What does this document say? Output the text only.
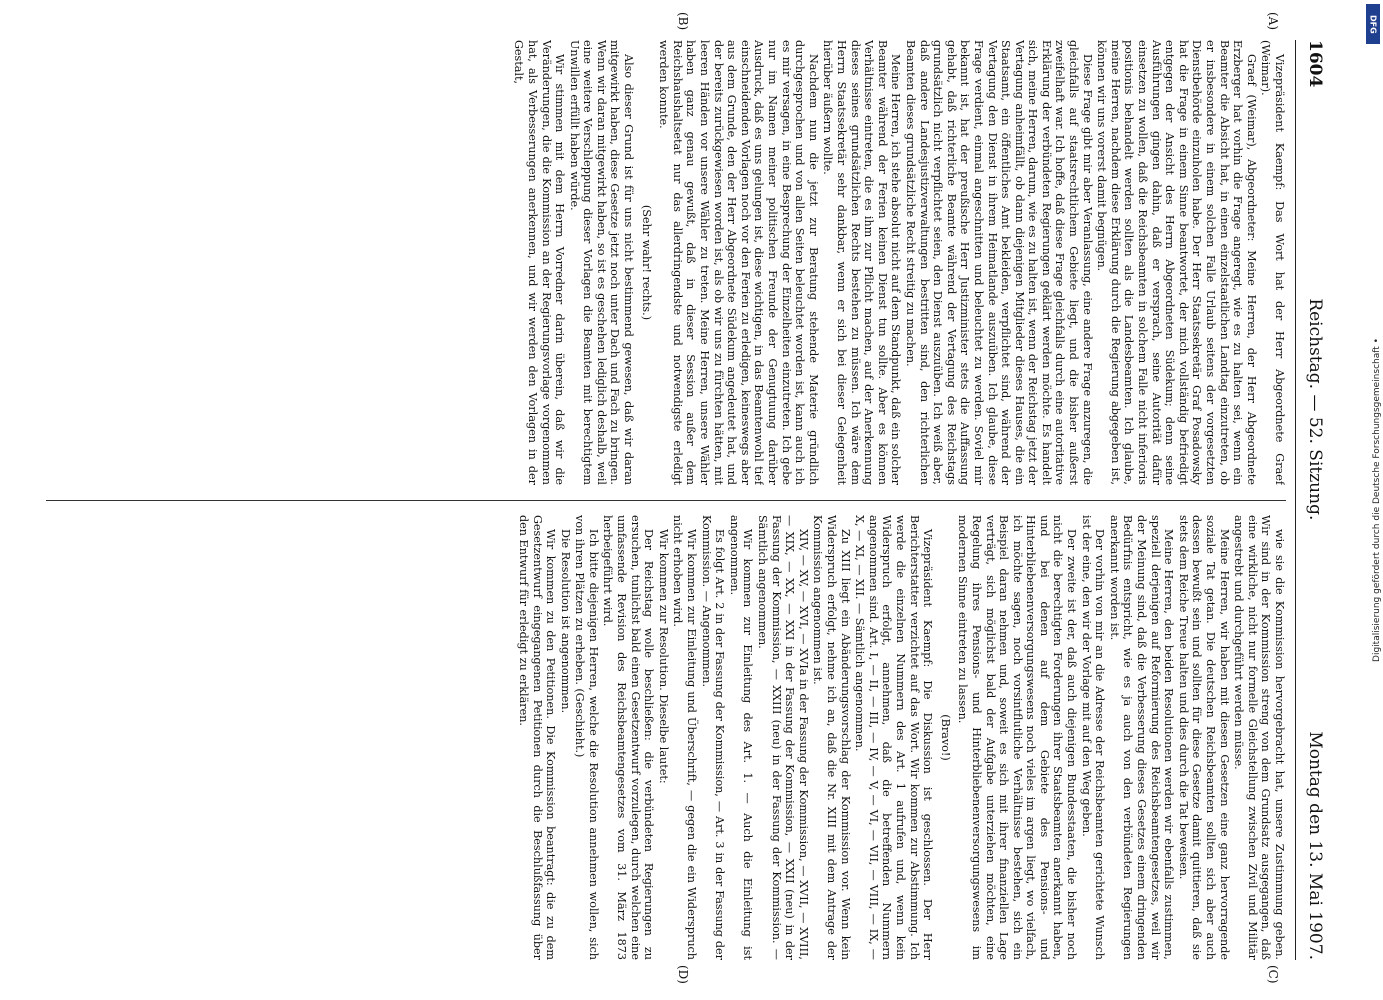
DFG
Digitalisierung gefördert durch die Deutsche Forschungsgemeinschaft •
1604
Reichstag. — 52. Sitzung.
Montag den 13. Mai 1907.
(A)
(B)
(C)
(D)

Vizepräsident Kaempf: Das Wort hat der Herr Abgeordnete Graef (Weimar).

Graef (Weimar), Abgeordneter: Meine Herren, der Herr Abgeordnete Erzberger hat vorhin die Frage angeregt, wie es zu halten sei, wenn ein Beamter die Absicht hat, in einen einzelstaatlichen Landtag einzutreten, ob er insbesondere in einem solchen Falle Urlaub seitens der vorgesetzten Dienstbehörde einzuholen habe. Der Herr Staatssekretär Graf Posadowsky hat die Frage in einem Sinne beantwortet, der mich vollständig befriedigt entgegen der Ansicht des Herrn Abgeordneten Südekum; denn seine Ausführungen gingen dahin, daß er versprach, seine Autorität dafür einsetzen zu wollen, daß die Reichsbeamten in solchem Falle nicht inferioris positionis behandelt werden sollten als die Landesbeamten. Ich glaube, meine Herren, nachdem diese Erklärung durch die Regierung abgegeben ist, können wir uns vorerst damit begnügen.

Diese Frage gibt mir aber Veranlassung, eine andere Frage anzuregen, die gleichfalls auf staatsrechtlichem Gebiete liegt, und die bisher außerst zweifelhaft war. Ich hoffe, daß diese Frage gleichfalls durch eine autoritative Erklärung der verbündeten Regierungen geklärt werden möchte. Es handelt sich, meine Herren, darum, wie es zu halten ist, wenn der Reichstag jetzt der Vertagung anheimfällt, ob dann diejenigen Mitglieder dieses Hauses, die ein Staatsamt, ein öffentliches Amt bekleiden, verpflichtet sind, während der Vertagung den Dienst in ihrem Heimatlande auszuüben. Ich glaube, diese Frage verdient, einmal angeschnitten und beleuchtet zu werden. Soviel mir bekannt ist, hat der preußische Herr Justizminister stets die Auffassung gehabt, daß richterliche Beamte während der Vertagung des Reichstags grundsätzlich nicht verpflichtet seien, den Dienst auszuüben. Ich weiß aber, daß andere Landesjustizverwaltungen bestritten sind, den richterlichen Beamten dieses grundsätzliche Recht streitig zu machen.

Meine Herren, ich stehe absolut nicht auf dem Standpunkt, daß ein solcher Beamter während der Ferien keinen Dienst tun sollte. Aber es können Verhältnisse eintreten, die es ihm zur Pflicht machen, auf der Anerkennung dieses seines grundsätzlichen Rechts bestehen zu müssen. Ich wäre dem Herrn Staatssekretär sehr dankbar, wenn er sich bei dieser Gelegenheit hierüber äußern wollte.

Nachdem nun die jetzt zur Beratung stehende Materie gründlich durchgesprochen und von allen Seiten beleuchtet worden ist, kann auch ich es mir versagen, in eine Besprechung der Einzelheiten einzutreten. Ich gebe nur im Namen meiner politischen Freunde der Genugtuung darüber Ausdruck, daß es uns gelungen ist, diese wichtigen, in das Beamtenwohl tief einschneidenden Vorlagen noch vor den Ferien zu erledigen, keineswegs aber aus dem Grunde, den der Herr Abgeordnete Südekum angedeutet hat, und der bereits zurückgewiesen worden ist, als ob wir uns zu fürchten hätten, mit leeren Händen vor unsere Wähler zu treten. Meine Herren, unsere Wähler haben ganz genau gewußt, daß in dieser Session außer dem Reichshaushaltsetat nur das allerdringendste und notwendigste erledigt werden konnte.

(Sehr wahr! rechts.)

Also dieser Grund ist für uns nicht bestimmend gewesen, daß wir daran mitgewirkt haben, diese Gesetze jetzt noch unter Dach und Fach zu bringen. Wenn wir daran mitgewirkt haben, so ist es geschehen lediglich deshalb, weil eine weitere Verschleppung dieser Vorlagen die Beamten mit berechtigtem Unwillen erfüllt haben würde.

Wir stimmen mit dem Herrn Vorredner darin überein, daß wir die Veränderungen, die die Kommission an der Regierungsvorlage vorgenommen hat, als Verbesserungen anerkennen, und wir werden den Vorlagen in der Gestalt,

wie sie die Kommission hervorgebracht hat, unsere Zustimmung geben. Wir sind in der Kommission streng von dem Grundsatz ausgegangen, daß eine wirkliche, nicht nur formelle Gleichstellung zwischen Zivil und Militär angestrebt und durchgeführt werden müsse.

Meine Herren, wir haben mit diesen Gesetzen eine ganz hervorragende soziale Tat getan. Die deutschen Reichsbeamten sollten sich aber auch dessen bewußt sein und sollten für diese Gesetze damit quittieren, daß sie stets dem Reiche Treue halten und dies durch die Tat beweisen.

Meine Herren, den beiden Resolutionen werden wir ebenfalls zustimmen, speziell derjenigen auf Reformierung des Reichsbeamtengesetzes, weil wir der Meinung sind, daß die Verbesserung dieses Gesetzes einem dringenden Bedürfnis entspricht, wie es ja auch von den verbündeten Regierungen anerkannt worden ist.

Der vorhin von mir an die Adresse der Reichsbeamten gerichtete Wunsch ist der eine, den wir der Vorlage mit auf den Weg geben.

Der zweite ist der, daß auch diejenigen Bundesstaaten, die bisher noch nicht die berechtigten Forderungen ihrer Staatsbeamten anerkannt haben, und bei denen auf dem Gebiete des Pensions- und Hinterbliebenenversorgungswesens noch vieles im argen liegt, wo vielfach, ich möchte sagen, noch vorsintflutliche Verhältnisse bestehen, sich ein Beispiel daran nehmen und, soweit es sich mit ihrer finanziellen Lage verträgt, sich möglichst bald der Aufgabe unterziehen möchten, eine Regelung ihres Pensions- und Hinterbliebenenversorgungswesens im modernen Sinne eintreten zu lassen.

(Bravo!)

Vizepräsident Kaempf: Die Diskussion ist geschlossen. Der Herr Berichterstatter verzichtet auf das Wort. Wir kommen zur Abstimmung. Ich werde die einzelnen Nummern des Art. 1 aufrufen und, wenn kein Widerspruch erfolgt, annehmen, daß die betreffenden Nummern angenommen sind. Art. I, — II, — III, — IV, — V, — VI, — VII, — VIII, — IX, — X, — XI, — XII. — Sämtlich angenommen.

Zu XIII liegt ein Abänderungsvorschlag der Kommission vor. Wenn kein Widerspruch erfolgt, nehme ich an, daß die Nr. XIII mit dem Antrage der Kommission angenommen ist.

XIV, — XV, — XVI, — XVIa in der Fassung der Kommission, — XVII, — XVIII, — XIX, — XX, — XXI in der Fassung der Kommission, — XXII (neu) in der Fassung der Kommission, — XXIII (neu) in der Fassung der Kommission. — Sämtlich angenommen.

Wir kommen zur Einleitung des Art. 1. — Auch die Einleitung ist angenommen.

Es folgt Art. 2 in der Fassung der Kommission, — Art. 3 in der Fassung der Kommission. — Angenommen.

Wir kommen zur Einleitung und Überschrift, — gegen die ein Widerspruch nicht erhoben wird.

Wir kommen zur Resolution. Dieselbe lautet:

Der Reichstag wolle beschließen: die verbündeten Regierungen zu ersuchen, tunlichst bald einen Gesetzentwurf vorzulegen, durch welchen eine umfassende Revision des Reichsbeamtengesetzes vom 31. März 1873 herbeigeführt wird.

Ich bitte diejenigen Herren, welche die Resolution annehmen wollen, sich von ihren Plätzen zu erheben. (Geschieht.)

Die Resolution ist angenommen.

Wir kommen zu den Petitionen. Die Kommission beantragt: die zu dem Gesetzentwurf eingegangenen Petitionen durch die Beschlußfassung über den Entwurf für erledigt zu erklären.
